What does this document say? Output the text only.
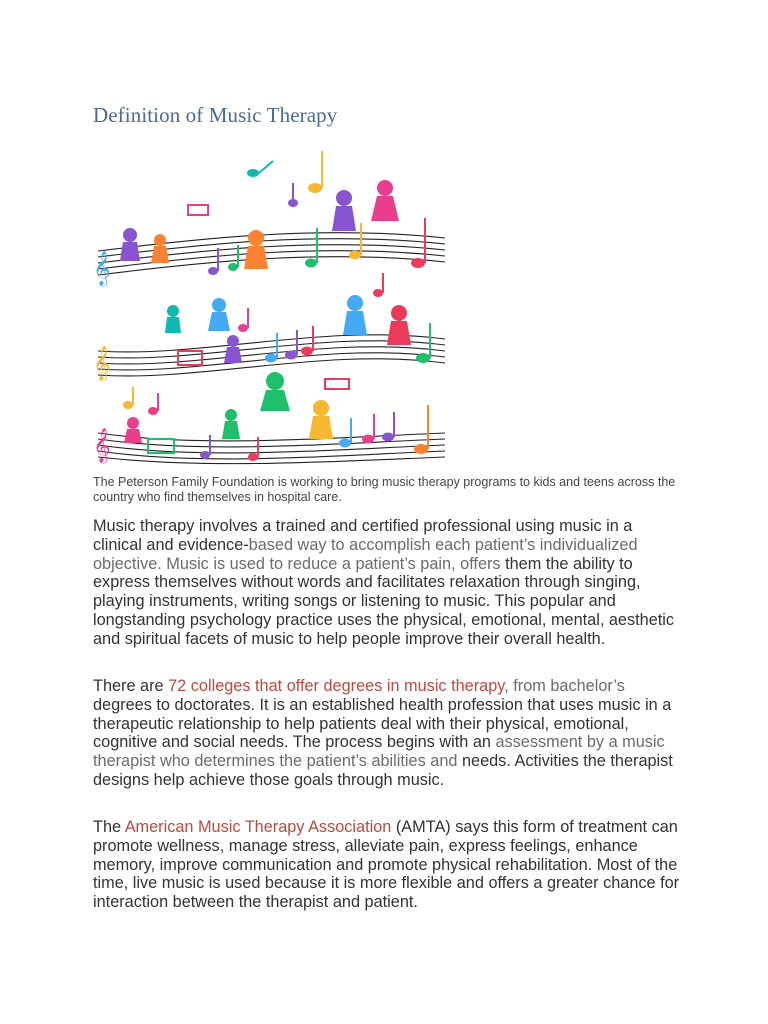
Definition of Music Therapy
𝄞
𝄞
𝄞

The Peterson Family Foundation is working to bring music therapy programs to kids and teens across the country who find themselves in hospital care.

Music therapy involves a trained and certified professional using music in a clinical and evidence-based way to accomplish each patient’s individualized objective. Music is used to reduce a patient’s pain, offers them the ability to express themselves without words and facilitates relaxation through singing, playing instruments, writing songs or listening to music. This popular and longstanding psychology practice uses the physical, emotional, mental, aesthetic and spiritual facets of music to help people improve their overall health.

There are 72 colleges that offer degrees in music therapy, from bachelor’s degrees to doctorates. It is an established health profession that uses music in a therapeutic relationship to help patients deal with their physical, emotional, cognitive and social needs. The process begins with an assessment by a music therapist who determines the patient’s abilities and needs. Activities the therapist designs help achieve those goals through music.

The American Music Therapy Association (AMTA) says this form of treatment can promote wellness, manage stress, alleviate pain, express feelings, enhance memory, improve communication and promote physical rehabilitation. Most of the time, live music is used because it is more flexible and offers a greater chance for interaction between the therapist and patient.
